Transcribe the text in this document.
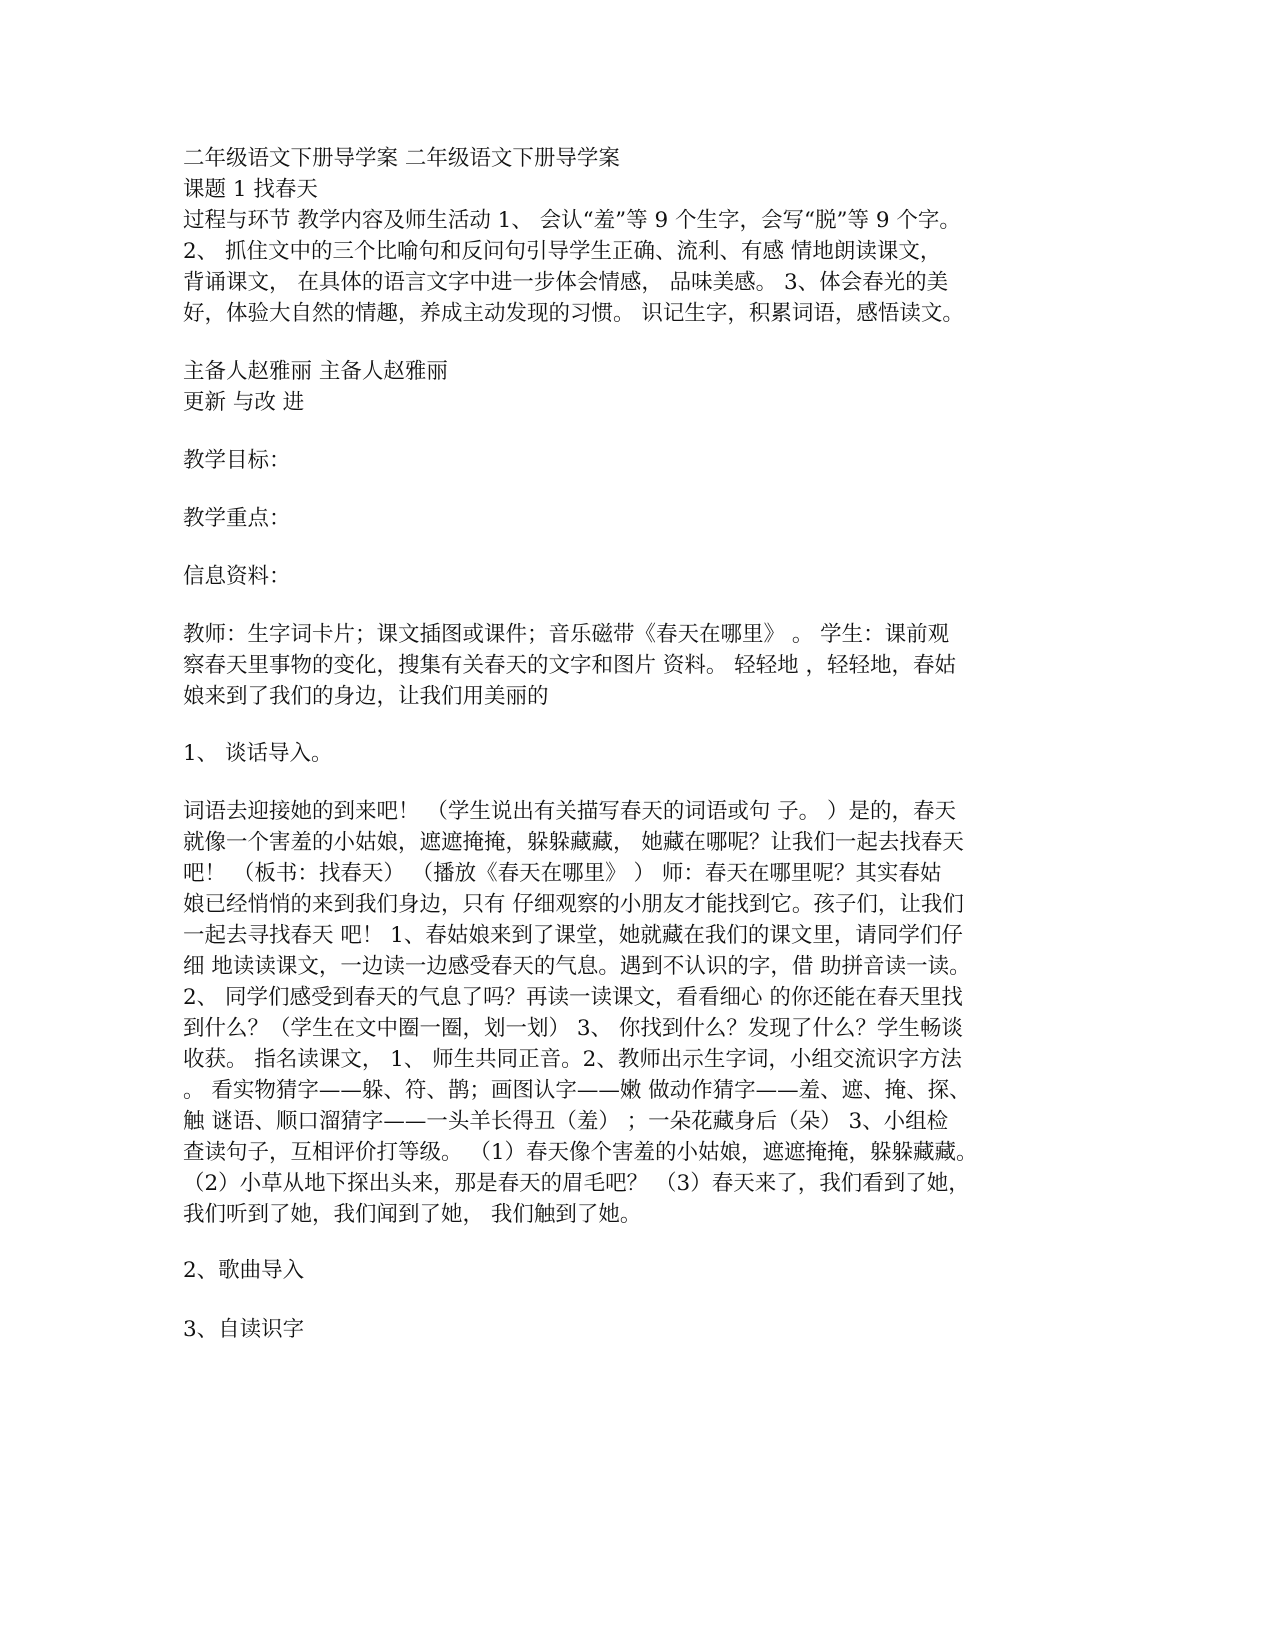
二年级语文下册导学案 二年级语文下册导学案
课题 1 找春天
过程与环节 教学内容及师生活动 1、 会认“羞”等 9 个生字，会写“脱”等 9 个字。
2、 抓住文中的三个比喻句和反问句引导学生正确、流利、有感 情地朗读课文，
背诵课文， 在具体的语言文字中进一步体会情感， 品味美感。 3、体会春光的美
好，体验大自然的情趣，养成主动发现的习惯。 识记生字，积累词语，感悟读文。
主备人赵雅丽 主备人赵雅丽
更新 与改 进
教学目标：
教学重点：
信息资料：
教师：生字词卡片；课文插图或课件；音乐磁带《春天在哪里》 。 学生：课前观
察春天里事物的变化，搜集有关春天的文字和图片 资料。 轻轻地 ，轻轻地，春姑
娘来到了我们的身边，让我们用美丽的
1、 谈话导入。
词语去迎接她的到来吧！ （学生说出有关描写春天的词语或句 子。 ）是的，春天
就像一个害羞的小姑娘，遮遮掩掩，躲躲藏藏， 她藏在哪呢？让我们一起去找春天
吧！ （板书：找春天） （播放《春天在哪里》 ） 师：春天在哪里呢？其实春姑
娘已经悄悄的来到我们身边，只有 仔细观察的小朋友才能找到它。孩子们，让我们
一起去寻找春天 吧！ 1、春姑娘来到了课堂，她就藏在我们的课文里，请同学们仔
细 地读读课文，一边读一边感受春天的气息。遇到不认识的字，借 助拼音读一读。
2、 同学们感受到春天的气息了吗？再读一读课文，看看细心 的你还能在春天里找
到什么？（学生在文中圈一圈，划一划） 3、 你找到什么？发现了什么？学生畅谈
收获。 指名读课文， 1、 师生共同正音。2、教师出示生字词，小组交流识字方法
。 看实物猜字——躲、符、鹊；画图认字——嫩 做动作猜字——羞、遮、掩、探、
触 谜语、顺口溜猜字——一头羊长得丑（羞） ；一朵花藏身后（朵） 3、小组检
查读句子，互相评价打等级。 （1）春天像个害羞的小姑娘，遮遮掩掩，躲躲藏藏。
（2）小草从地下探出头来，那是春天的眉毛吧？ （3）春天来了，我们看到了她，
我们听到了她，我们闻到了她， 我们触到了她。
2、歌曲导入
3、自读识字
